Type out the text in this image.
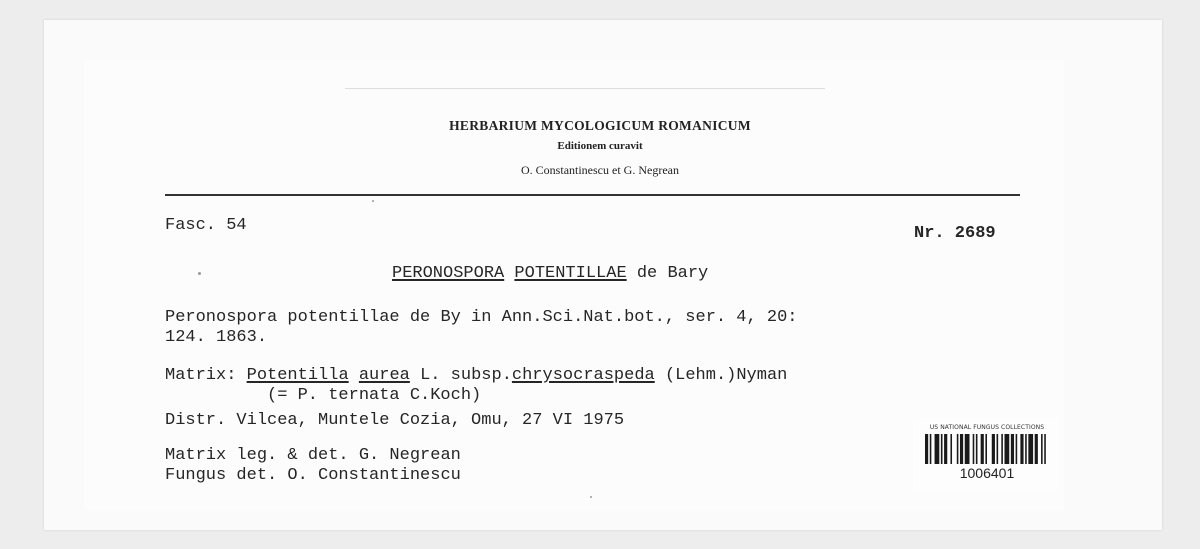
HERBARIUM MYCOLOGICUM ROMANICUM
Editionem curavit
O. Constantinescu et G. Negrean
Fasc. 54	Nr. 2689
PERONOSPORA POTENTILLAE de Bary
Peronospora potentillae de By in Ann.Sci.Nat.bot., ser. 4, 20:
124. 1863.
Matrix: Potentilla aurea L. subsp.chrysocraspeda (Lehm.)Nyman
(= P. ternata C.Koch)
Distr. Vilcea, Muntele Cozia, Omu, 27 VI 1975
Matrix leg. & det. G. Negrean
Fungus det. O. Constantinescu
US NATIONAL FUNGUS COLLECTIONS
1006401
